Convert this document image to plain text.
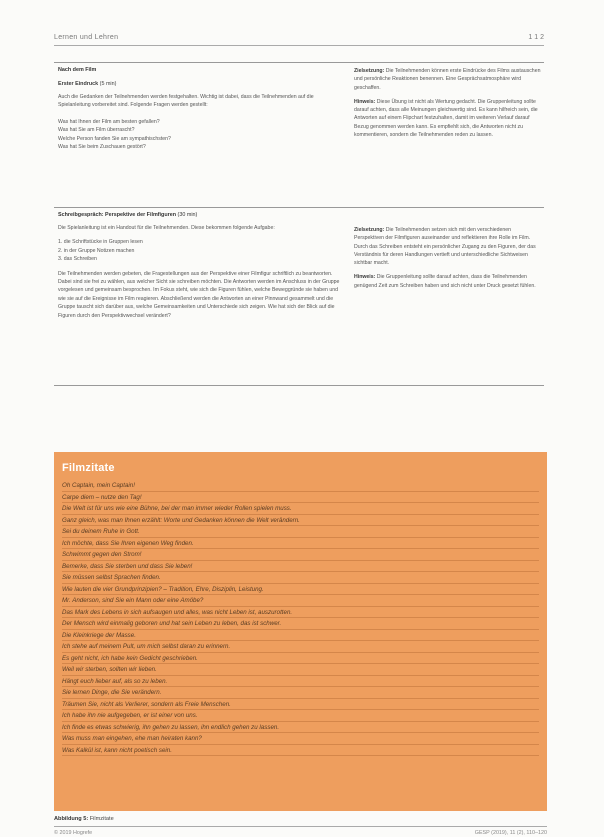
Lernen und Lehren	1 1 2
Nach dem Film
Erster Eindruck (5 min)
Auch die Gedanken der Teilnehmenden werden festgehalten. Wichtig ist dabei, dass die Teilnehmenden auf die Spielanleitung vorbereitet sind. Folgende Fragen werden gestellt:
Was hat Ihnen der Film am besten gefallen?
Was hat Sie am Film überrascht?
Welche Person fanden Sie am sympathischsten?
Was hat Sie beim Zuschauen gestört?
Zielsetzung: Die Teilnehmenden können erste Eindrücke des Films austauschen und persönliche Reaktionen benennen. Eine Gesprächsatmosphäre wird geschaffen.
Hinweis: Diese Übung ist nicht als Wertung gedacht. Die Gruppenleitung sollte darauf achten, dass alle Meinungen gleichwertig sind. Es kann hilfreich sein, die Antworten auf einem Flipchart festzuhalten, damit im weiteren Verlauf darauf Bezug genommen werden kann. Es empfiehlt sich, die Antworten nicht zu kommentieren, sondern die Teilnehmenden reden zu lassen.
Schreibgespräch: Perspektive der Filmfiguren (30 min)
Die Spielanleitung ist ein Handout für die Teilnehmenden. Diese bekommen folgende Aufgabe:
1. die Schriftstücke in Gruppen lesen
2. in der Gruppe Notizen machen
3. das Schreiben
Die Teilnehmenden werden gebeten, die Fragestellungen aus der Perspektive einer Filmfigur schriftlich zu beantworten. Dabei sind sie frei zu wählen, aus welcher Sicht sie schreiben möchten. Die Antworten werden im Anschluss in der Gruppe vorgelesen und gemeinsam besprochen. Im Fokus steht, wie sich die Figuren fühlen, welche Beweggründe sie haben und wie sie auf die Ereignisse im Film reagieren. Abschließend werden die Antworten an einer Pinnwand gesammelt und die Gruppe tauscht sich darüber aus, welche Gemeinsamkeiten und Unterschiede sich zeigen. Wie hat sich der Blick auf die Figuren durch den Perspektivwechsel verändert?
Zielsetzung: Die Teilnehmenden setzen sich mit den verschiedenen Perspektiven der Filmfiguren auseinander und reflektieren ihre Rolle im Film. Durch das Schreiben entsteht ein persönlicher Zugang zu den Figuren, der das Verständnis für deren Handlungen vertieft und unterschiedliche Sichtweisen sichtbar macht.
Hinweis: Die Gruppenleitung sollte darauf achten, dass die Teilnehmenden genügend Zeit zum Schreiben haben und sich nicht unter Druck gesetzt fühlen.
Filmzitate
Oh Captain, mein Captain!
Carpe diem – nutze den Tag!
Die Welt ist für uns wie eine Bühne, bei der man immer wieder Rollen spielen muss.
Ganz gleich, was man Ihnen erzählt: Worte und Gedanken können die Welt verändern.
Sei du deinem Ruhe in Gott.
Ich möchte, dass Sie Ihren eigenen Weg finden.
Schwimmt gegen den Strom!
Bemerke, dass Sie sterben und dass Sie leben!
Sie müssen selbst Sprachen finden.
Wie lauten die vier Grundprinzipien? – Tradition, Ehre, Disziplin, Leistung.
Mr. Anderson, sind Sie ein Mann oder eine Amöbe?
Das Mark des Lebens in sich aufsaugen und alles, was nicht Leben ist, auszurotten.
Der Mensch wird einmalig geboren und hat sein Leben zu leben, das ist schwer.
Die Kleinkriege der Masse.
Ich stehe auf meinem Pult, um mich selbst daran zu erinnern.
Es geht nicht, ich habe kein Gedicht geschrieben.
Weil wir sterben, sollten wir lieben.
Hängt euch lieber auf, als so zu leben.
Sie lernen Dinge, die Sie verändern.
Träumen Sie, nicht als Verlierer, sondern als Freie Menschen.
Ich habe ihn nie aufgegeben, er ist einer von uns.
Ich finde es etwas schwierig, ihn gehen zu lassen, ihn endlich gehen zu lassen.
Was muss man eingehen, ehe man heiraten kann?
Was Kalkül ist, kann nicht poetisch sein.
Abbildung 5: Filmzitate
© 2019 Hogrefe	GESP (2019), 11 (2), 110–120
